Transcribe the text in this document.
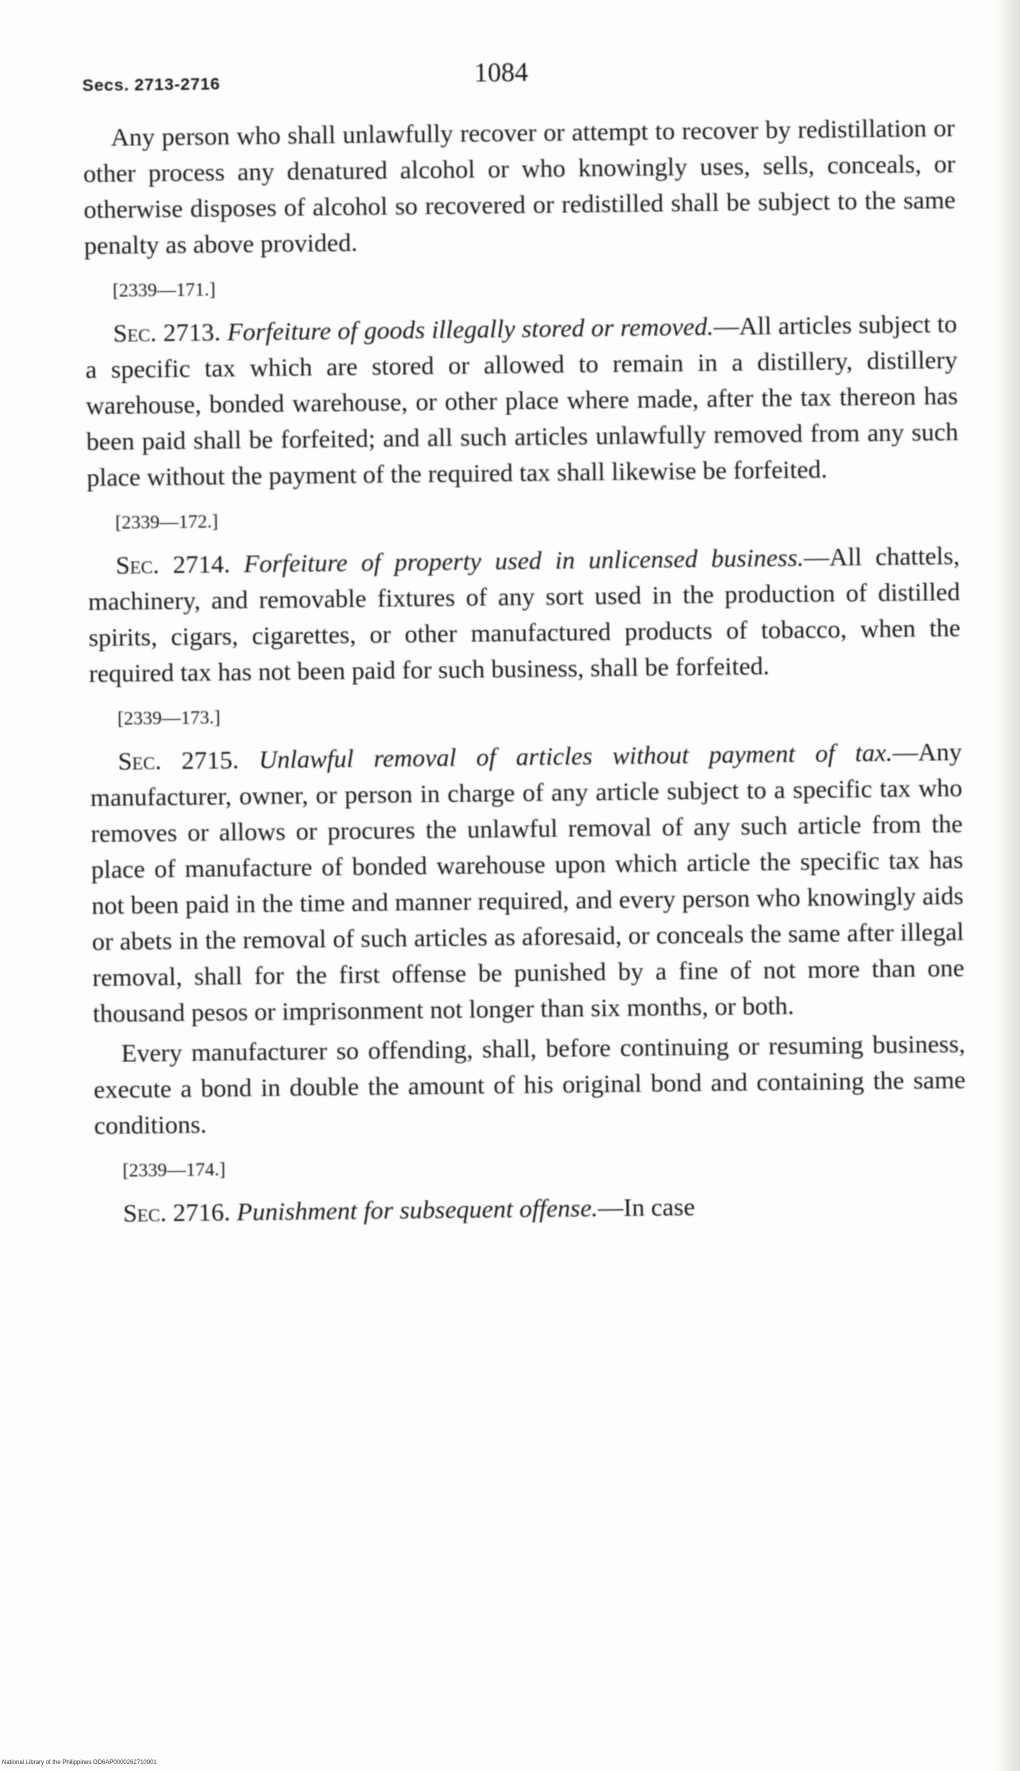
Secs. 2713-2716	1084

Any person who shall unlawfully recover or attempt to recover by redistillation or other process any denatured alcohol or who knowingly uses, sells, conceals, or otherwise disposes of alcohol so recovered or redistilled shall be subject to the same penalty as above provided.

[2339—171.]

Sec. 2713. Forfeiture of goods illegally stored or removed.—All articles subject to a specific tax which are stored or allowed to remain in a distillery, distillery warehouse, bonded warehouse, or other place where made, after the tax thereon has been paid shall be forfeited; and all such articles unlawfully removed from any such place without the payment of the required tax shall likewise be forfeited.

[2339—172.]

Sec. 2714. Forfeiture of property used in unlicensed business.—All chattels, machinery, and removable fixtures of any sort used in the production of distilled spirits, cigars, cigarettes, or other manufactured products of tobacco, when the required tax has not been paid for such business, shall be forfeited.

[2339—173.]

Sec. 2715. Unlawful removal of articles without payment of tax.—Any manufacturer, owner, or person in charge of any article subject to a specific tax who removes or allows or procures the unlawful removal of any such article from the place of manufacture of bonded warehouse upon which article the specific tax has not been paid in the time and manner required, and every person who knowingly aids or abets in the removal of such articles as aforesaid, or conceals the same after illegal removal, shall for the first offense be punished by a fine of not more than one thousand pesos or imprisonment not longer than six months, or both.

Every manufacturer so offending, shall, before continuing or resuming business, execute a bond in double the amount of his original bond and containing the same conditions.

[2339—174.]

Sec. 2716. Punishment for subsequent offense.—In case

National Library of the Philippines OD6AP0000262710901
